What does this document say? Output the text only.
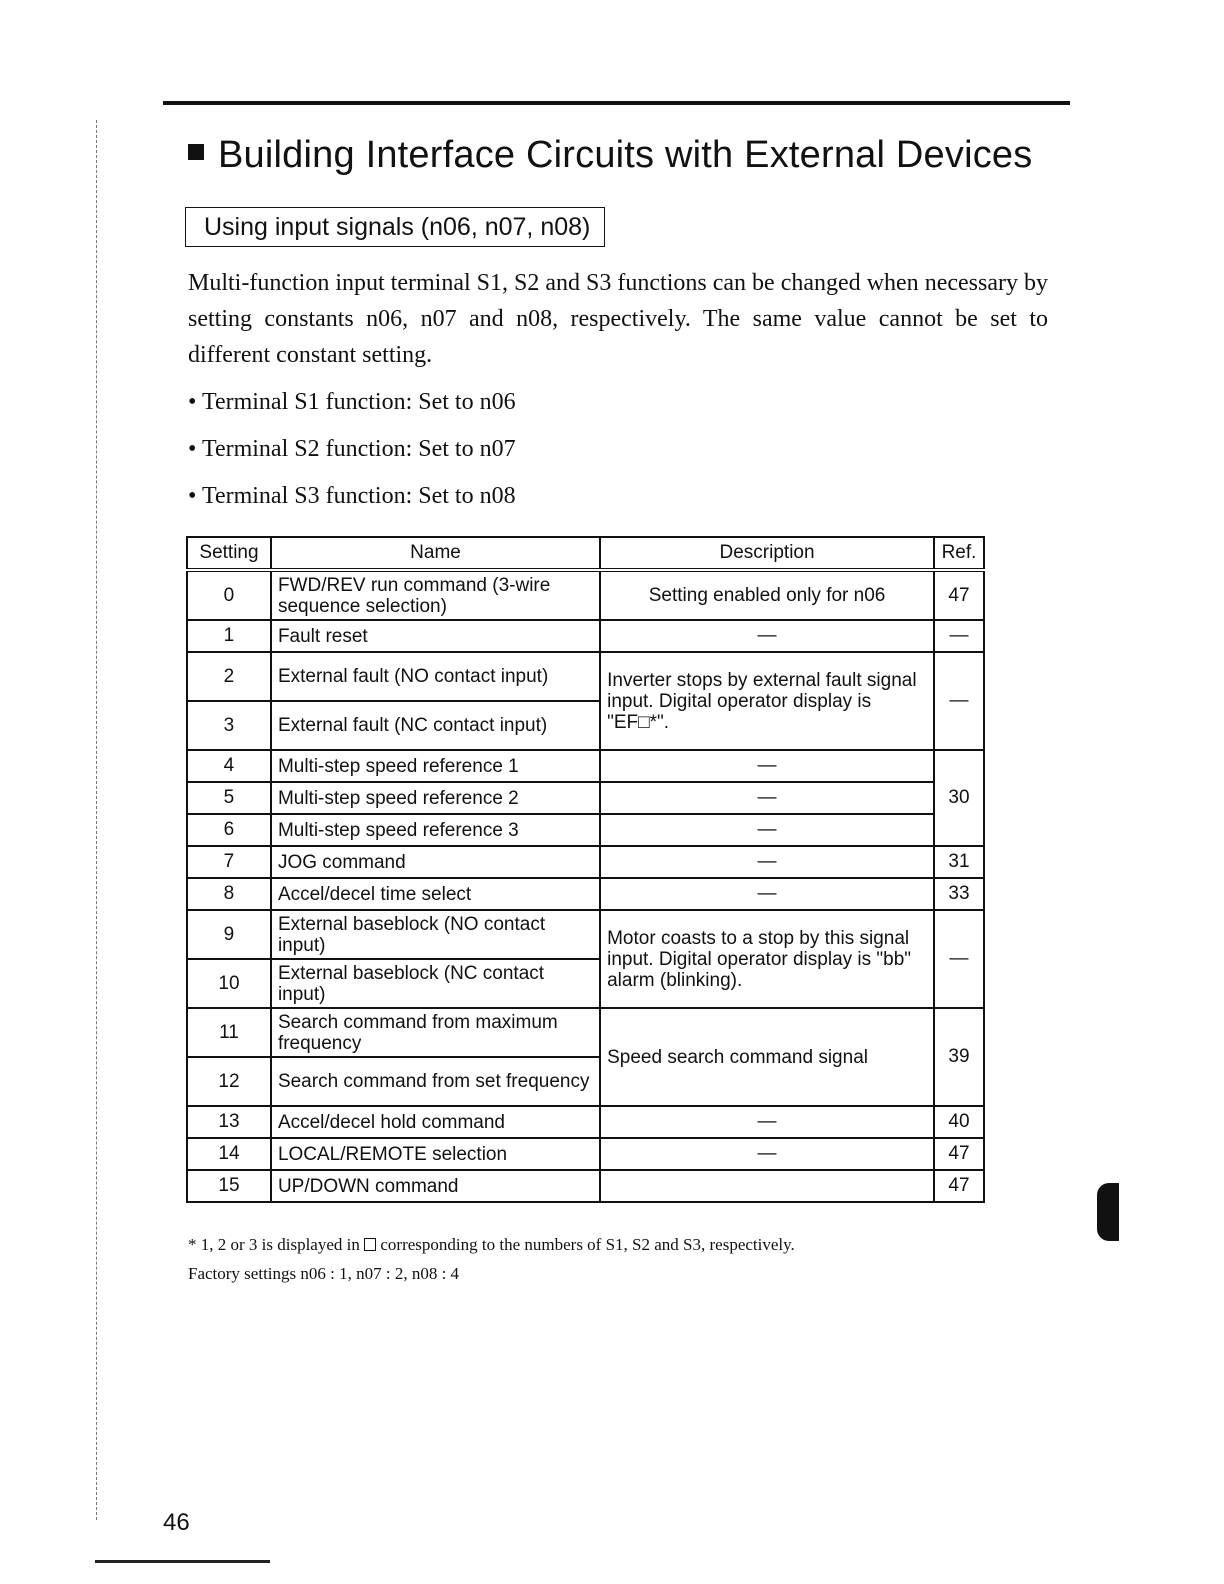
Building Interface Circuits with External Devices
Using input signals (n06, n07, n08)

Multi-function input terminal S1, S2 and S3 functions can be changed when necessary by setting constants n06, n07 and n08, respectively. The same value cannot be set to different constant setting.

• Terminal S1 function: Set to n06
• Terminal S2 function: Set to n07
• Terminal S3 function: Set to n08
Setting	Name	Description	Ref.
0	FWD/REV run command (3-wire sequence selection)	Setting enabled only for n06	47
1	Fault reset	—	—
2	External fault (NO contact input)	Inverter stops by external fault signal input. Digital operator display is "EF□*".	—
3	External fault (NC contact input)		
4	Multi-step speed reference 1	—	30
5	Multi-step speed reference 2	—	
6	Multi-step speed reference 3	—	
7	JOG command	—	31
8	Accel/decel time select	—	33
9	External baseblock (NO contact input)	Motor coasts to a stop by this signal input. Digital operator display is "bb" alarm (blinking).	—
10	External baseblock (NC contact input)		
11	Search command from maximum frequency	Speed search command signal	39
12	Search command from set frequency		
13	Accel/decel hold command	—	40
14	LOCAL/REMOTE selection	—	47
15	UP/DOWN command		47

* 1, 2 or 3 is displayed in corresponding to the numbers of S1, S2 and S3, respectively.
Factory settings n06 : 1, n07 : 2, n08 : 4

46
